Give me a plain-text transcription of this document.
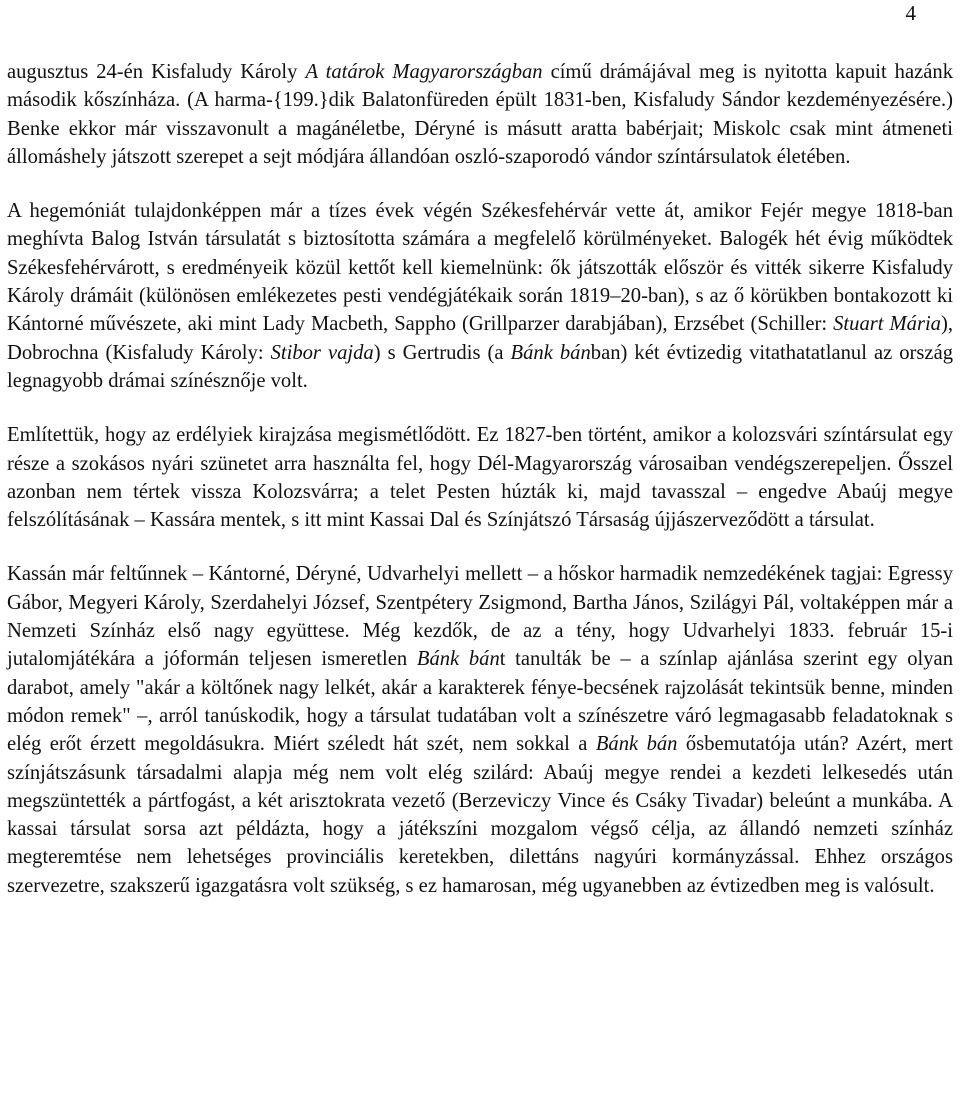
4

augusztus 24-én Kisfaludy Károly A tatárok Magyarországban című drámájával meg is nyitotta kapuit hazánk második kőszínháza. (A harma-{199.}dik Balatonfüreden épült 1831-ben, Kisfaludy Sándor kezdeményezésére.) Benke ekkor már visszavonult a magánéletbe, Déryné is másutt aratta babérjait; Miskolc csak mint átmeneti állomáshely játszott szerepet a sejt módjára állandóan oszló-szaporodó vándor színtársulatok életében.

A hegemóniát tulajdonképpen már a tízes évek végén Székesfehérvár vette át, amikor Fejér megye 1818-ban meghívta Balog István társulatát s biztosította számára a megfelelő körülményeket. Balogék hét évig működtek Székesfehérvárott, s eredményeik közül kettőt kell kiemelnünk: ők játszották először és vitték sikerre Kisfaludy Károly drámáit (különösen emlékezetes pesti vendégjátékaik során 1819–20-ban), s az ő körükben bontakozott ki Kántorné művészete, aki mint Lady Macbeth, Sappho (Grillparzer darabjában), Erzsébet (Schiller: Stuart Mária), Dobrochna (Kisfaludy Károly: Stibor vajda) s Gertrudis (a Bánk bánban) két évtizedig vitathatatlanul az ország legnagyobb drámai színésznője volt.

Említettük, hogy az erdélyiek kirajzása megismétlődött. Ez 1827-ben történt, amikor a kolozsvári színtársulat egy része a szokásos nyári szünetet arra használta fel, hogy Dél-Magyarország városaiban vendégszerepeljen. Ősszel azonban nem tértek vissza Kolozsvárra; a telet Pesten húzták ki, majd tavasszal – engedve Abaúj megye felszólításának – Kassára mentek, s itt mint Kassai Dal és Színjátszó Társaság újjászerveződött a társulat.

Kassán már feltűnnek – Kántorné, Déryné, Udvarhelyi mellett – a hőskor harmadik nemzedékének tagjai: Egressy Gábor, Megyeri Károly, Szerdahelyi József, Szentpétery Zsigmond, Bartha János, Szilágyi Pál, voltaképpen már a Nemzeti Színház első nagy együttese. Még kezdők, de az a tény, hogy Udvarhelyi 1833. február 15-i jutalomjátékára a jóformán teljesen ismeretlen Bánk bánt tanulták be – a színlap ajánlása szerint egy olyan darabot, amely "akár a költőnek nagy lelkét, akár a karakterek fénye-becsének rajzolását tekintsük benne, minden módon remek" –, arról tanúskodik, hogy a társulat tudatában volt a színészetre váró legmagasabb feladatoknak s elég erőt érzett megoldásukra. Miért széledt hát szét, nem sokkal a Bánk bán ősbemutatója után? Azért, mert színjátszásunk társadalmi alapja még nem volt elég szilárd: Abaúj megye rendei a kezdeti lelkesedés után megszüntették a pártfogást, a két arisztokrata vezető (Berzeviczy Vince és Csáky Tivadar) beleúnt a munkába. A kassai társulat sorsa azt példázta, hogy a játékszíni mozgalom végső célja, az állandó nemzeti színház megteremtése nem lehetséges provinciális keretekben, dilettáns nagyúri kormányzással. Ehhez országos szervezetre, szakszerű igazgatásra volt szükség, s ez hamarosan, még ugyanebben az évtizedben meg is valósult.
